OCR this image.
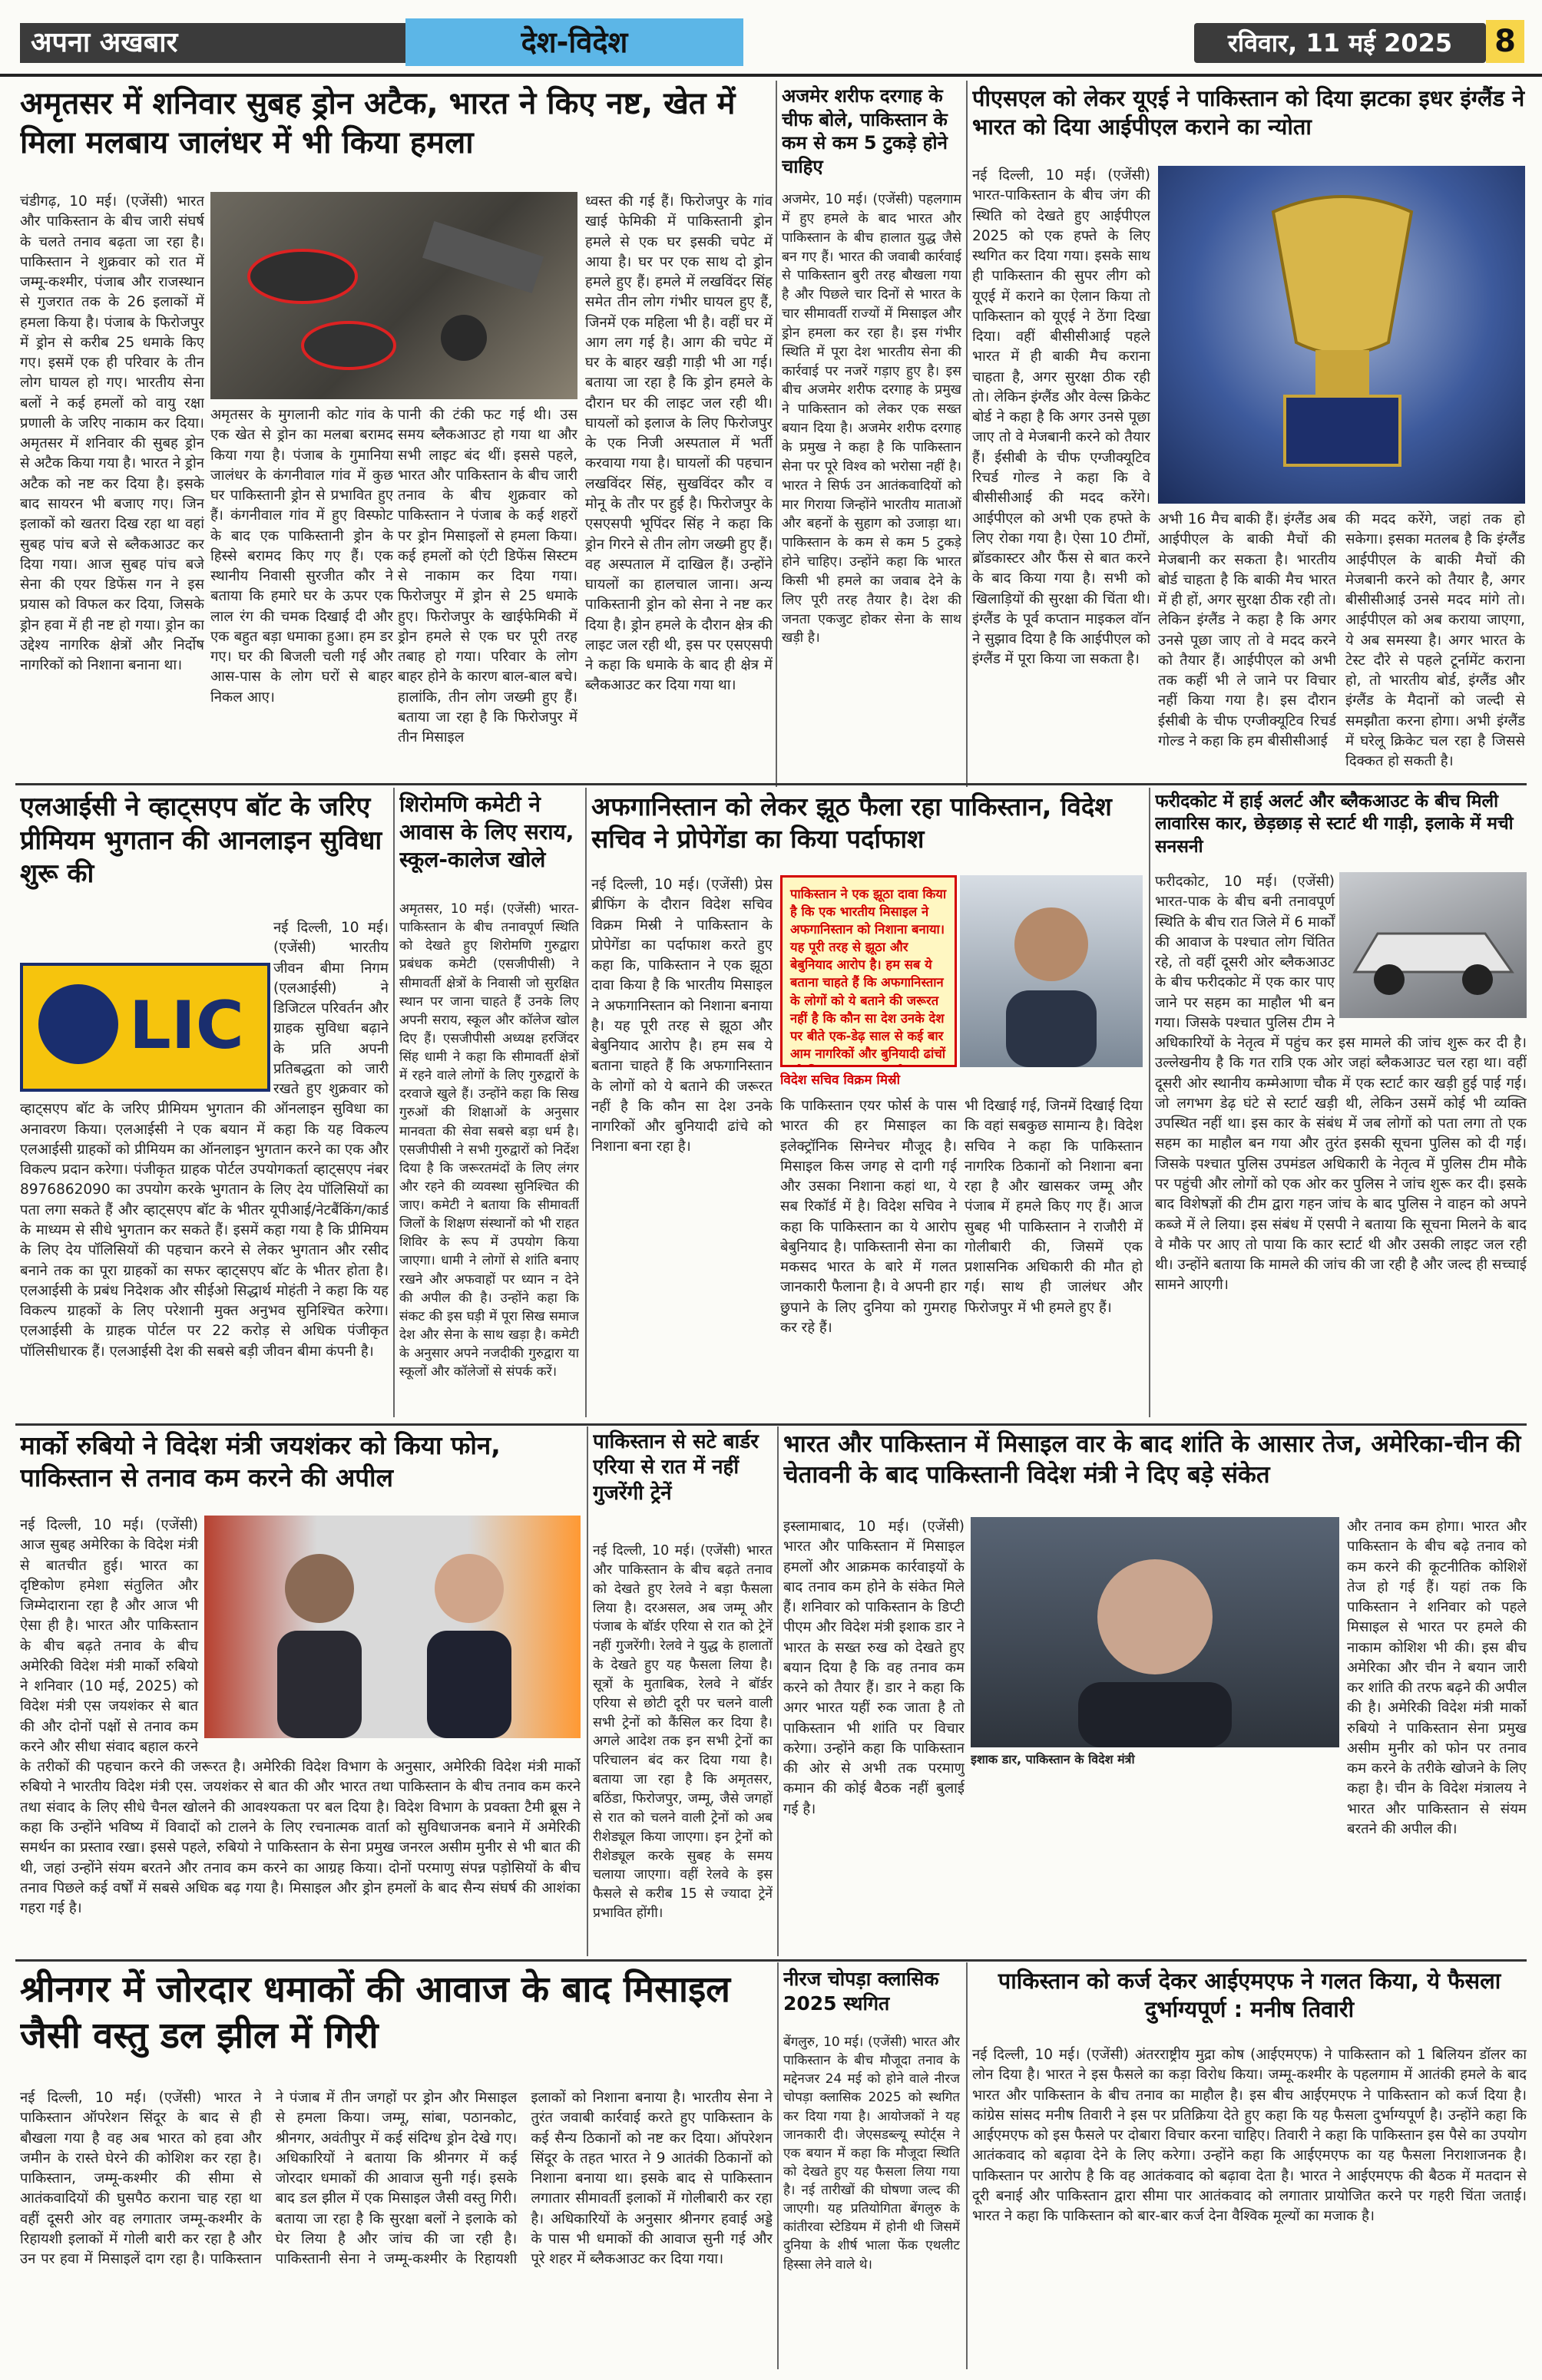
अपना अखबार	देश-विदेश	रविवार, 11 मई 2025	8
अमृतसर में शनिवार सुबह ड्रोन अटैक, भारत ने किए नष्ट, खेत में मिला मलबाय जालंधर में भी किया हमला
चंडीगढ़, 10 मई। (एजेंसी) भारत और पाकिस्तान के बीच जारी संघर्ष के चलते तनाव बढ़ता जा रहा है। पाकिस्तान ने शुक्रवार को रात में जम्मू-कश्मीर, पंजाब और राजस्थान से गुजरात तक के 26 इलाकों में हमला किया है। पंजाब के फिरोजपुर में ड्रोन से करीब 25 धमाके किए गए। इसमें एक ही परिवार के तीन लोग घायल हो गए। भारतीय सेना बलों ने कई हमलों को वायु रक्षा प्रणाली के जरिए नाकाम कर दिया। अमृतसर में शनिवार की सुबह ड्रोन से अटैक किया गया है। भारत ने ड्रोन अटैक को नष्ट कर दिया है। इसके बाद सायरन भी बजाए गए। जिन इलाकों को खतरा दिख रहा था वहां सुबह पांच बजे से ब्लैकआउट कर दिया गया। आज सुबह पांच बजे सेना की एयर डिफेंस गन ने इस प्रयास को विफल कर दिया, जिसके ड्रोन हवा में ही नष्ट हो गया। ड्रोन का उद्देश्य नागरिक क्षेत्रों और निर्दोष नागरिकों को निशाना बनाना था।
अमृतसर के मुगलानी कोट गांव के एक खेत से ड्रोन का मलबा बरामद किया गया है। पंजाब के गुमानिया जालंधर के कंगनीवाल गांव में कुछ घर पाकिस्तानी ड्रोन से प्रभावित हुए हैं। कंगनीवाल गांव में हुए विस्फोट के बाद एक पाकिस्तानी ड्रोन के हिस्से बरामद किए गए हैं। एक स्थानीय निवासी सुरजीत कौर ने बताया कि हमारे घर के ऊपर एक लाल रंग की चमक दिखाई दी और एक बहुत बड़ा धमाका हुआ। हम डर गए। घर की बिजली चली गई और आस-पास के लोग घरों से बाहर निकल आए।
पानी की टंकी फट गई थी। उस समय ब्लैकआउट हो गया था और सभी लाइट बंद थीं। इससे पहले, भारत और पाकिस्तान के बीच जारी तनाव के बीच शुक्रवार को पाकिस्तान ने पंजाब के कई शहरों पर ड्रोन मिसाइलों से हमला किया। कई हमलों को एंटी डिफेंस सिस्टम से नाकाम कर दिया गया। फिरोजपुर में ड्रोन से 25 धमाके हुए। फिरोजपुर के खाईफेमिकी में ड्रोन हमले से एक घर पूरी तरह तबाह हो गया। परिवार के लोग बाहर होने के कारण बाल-बाल बचे। हालांकि, तीन लोग जख्मी हुए हैं। बताया जा रहा है कि फिरोजपुर में तीन मिसाइल
ध्वस्त की गई हैं। फिरोजपुर के गांव खाई फेमिकी में पाकिस्तानी ड्रोन हमले से एक घर इसकी चपेट में आया है। घर पर एक साथ दो ड्रोन हमले हुए हैं। हमले में लखविंदर सिंह समेत तीन लोग गंभीर घायल हुए हैं, जिनमें एक महिला भी है। वहीं घर में आग लग गई है। आग की चपेट में घर के बाहर खड़ी गाड़ी भी आ गई। बताया जा रहा है कि ड्रोन हमले के दौरान घर की लाइट जल रही थी। घायलों को इलाज के लिए फिरोजपुर के एक निजी अस्पताल में भर्ती करवाया गया है। घायलों की पहचान लखविंदर सिंह, सुखविंदर कौर व मोनू के तौर पर हुई है। फिरोजपुर के एसएसपी भूपिंदर सिंह ने कहा कि ड्रोन गिरने से तीन लोग जख्मी हुए हैं। वह अस्पताल में दाखिल हैं। उन्होंने घायलों का हालचाल जाना। अन्य पाकिस्तानी ड्रोन को सेना ने नष्ट कर दिया है। ड्रोन हमले के दौरान क्षेत्र की लाइट जल रही थी, इस पर एसएसपी ने कहा कि धमाके के बाद ही क्षेत्र में ब्लैकआउट कर दिया गया था।
अजमेर शरीफ दरगाह के चीफ बोले, पाकिस्तान के कम से कम 5 टुकड़े होने चाहिए
अजमेर, 10 मई। (एजेंसी) पहलगाम में हुए हमले के बाद भारत और पाकिस्तान के बीच हालात युद्ध जैसे बन गए हैं। भारत की जवाबी कार्रवाई से पाकिस्तान बुरी तरह बौखला गया है और पिछले चार दिनों से भारत के चार सीमावर्ती राज्यों में मिसाइल और ड्रोन हमला कर रहा है। इस गंभीर स्थिति में पूरा देश भारतीय सेना की कार्रवाई पर नजरें गड़ाए हुए है। इस बीच अजमेर शरीफ दरगाह के प्रमुख ने पाकिस्तान को लेकर एक सख्त बयान दिया है। अजमेर शरीफ दरगाह के प्रमुख ने कहा है कि पाकिस्तान सेना पर पूरे विश्व को भरोसा नहीं है। भारत ने सिर्फ उन आतंकवादियों को मार गिराया जिन्होंने भारतीय माताओं और बहनों के सुहाग को उजाड़ा था। पाकिस्तान के कम से कम 5 टुकड़े होने चाहिए। उन्होंने कहा कि भारत किसी भी हमले का जवाब देने के लिए पूरी तरह तैयार है। देश की जनता एकजुट होकर सेना के साथ खड़ी है।
पीएसएल को लेकर यूएई ने पाकिस्तान को दिया झटका इधर इंग्लैंड ने भारत को दिया आईपीएल कराने का न्योता
नई दिल्ली, 10 मई। (एजेंसी) भारत-पाकिस्तान के बीच जंग की स्थिति को देखते हुए आईपीएल 2025 को एक हफ्ते के लिए स्थगित कर दिया गया। इसके साथ ही पाकिस्तान की सुपर लीग को यूएई में कराने का ऐलान किया तो पाकिस्तान को यूएई ने ठेंगा दिखा दिया। वहीं बीसीसीआई पहले भारत में ही बाकी मैच कराना चाहता है, अगर सुरक्षा ठीक रही तो। लेकिन इंग्लैंड और वेल्स क्रिकेट बोर्ड ने कहा है कि अगर उनसे पूछा जाए तो वे मेजबानी करने को तैयार हैं। ईसीबी के चीफ एग्जीक्यूटिव रिचर्ड गोल्ड ने कहा कि वे बीसीसीआई की मदद करेंगे। आईपीएल को अभी एक हफ्ते के लिए रोका गया है। ऐसा 10 टीमों, ब्रॉडकास्टर और फैंस से बात करने के बाद किया गया है। सभी को खिलाड़ियों की सुरक्षा की चिंता थी। इंग्लैंड के पूर्व कप्तान माइकल वॉन ने सुझाव दिया है कि आईपीएल को इंग्लैंड में पूरा किया जा सकता है।
अभी 16 मैच बाकी हैं। इंग्लैंड अब आईपीएल के बाकी मैचों की मेजबानी कर सकता है। भारतीय बोर्ड चाहता है कि बाकी मैच भारत में ही हों, अगर सुरक्षा ठीक रही तो। लेकिन इंग्लैंड ने कहा है कि अगर उनसे पूछा जाए तो वे मदद करने को तैयार हैं। आईपीएल को अभी तक कहीं भी ले जाने पर विचार नहीं किया गया है। इस दौरान ईसीबी के चीफ एग्जीक्यूटिव रिचर्ड गोल्ड ने कहा कि हम बीसीसीआई
की मदद करेंगे, जहां तक हो सकेगा। इसका मतलब है कि इंग्लैंड आईपीएल के बाकी मैचों की मेजबानी करने को तैयार है, अगर बीसीसीआई उनसे मदद मांगे तो। आईपीएल को अब कराया जाएगा, ये अब समस्या है। अगर भारत के टेस्ट दौरे से पहले टूर्नामेंट कराना हो, तो भारतीय बोर्ड, इंग्लैंड और इंग्लैंड के मैदानों को जल्दी से समझौता करना होगा। अभी इंग्लैंड में घरेलू क्रिकेट चल रहा है जिससे दिक्कत हो सकती है।
एलआईसी ने व्हाट्सएप बॉट के जरिए प्रीमियम भुगतान की आनलाइन सुविधा शुरू की
LIC
नई दिल्ली, 10 मई। (एजेंसी) भारतीय जीवन बीमा निगम (एलआईसी) ने डिजिटल परिवर्तन और ग्राहक सुविधा बढ़ाने के प्रति अपनी प्रतिबद्धता को जारी रखते हुए शुक्रवार को व्हाट्सएप बॉट के जरिए प्रीमियम भुगतान की ऑनलाइन सुविधा का अनावरण किया। एलआईसी ने एक बयान में कहा कि यह विकल्प एलआईसी ग्राहकों को प्रीमियम का ऑनलाइन भुगतान करने का एक और विकल्प प्रदान करेगा। पंजीकृत ग्राहक पोर्टल उपयोगकर्ता व्हाट्सएप नंबर 8976862090 का उपयोग करके भुगतान के लिए देय पॉलिसियों का पता लगा सकते हैं और व्हाट्सएप बॉट के भीतर यूपीआई/नेटबैंकिंग/कार्ड के माध्यम से सीधे भुगतान कर सकते हैं। इसमें कहा गया है कि प्रीमियम के लिए देय पॉलिसियों की पहचान करने से लेकर भुगतान और रसीद बनाने तक का पूरा ग्राहकों का सफर व्हाट्सएप बॉट के भीतर होता है। एलआईसी के प्रबंध निदेशक और सीईओ सिद्धार्थ मोहंती ने कहा कि यह विकल्प ग्राहकों के लिए परेशानी मुक्त अनुभव सुनिश्चित करेगा। एलआईसी के ग्राहक पोर्टल पर 22 करोड़ से अधिक पंजीकृत पॉलिसीधारक हैं। एलआईसी देश की सबसे बड़ी जीवन बीमा कंपनी है।
शिरोमणि कमेटी ने आवास के लिए सराय, स्कूल-कालेज खोले
अमृतसर, 10 मई। (एजेंसी) भारत-पाकिस्तान के बीच तनावपूर्ण स्थिति को देखते हुए शिरोमणि गुरुद्वारा प्रबंधक कमेटी (एसजीपीसी) ने सीमावर्ती क्षेत्रों के निवासी जो सुरक्षित स्थान पर जाना चाहते हैं उनके लिए अपनी सराय, स्कूल और कॉलेज खोल दिए हैं। एसजीपीसी अध्यक्ष हरजिंदर सिंह धामी ने कहा कि सीमावर्ती क्षेत्रों में रहने वाले लोगों के लिए गुरुद्वारों के दरवाजे खुले हैं। उन्होंने कहा कि सिख गुरुओं की शिक्षाओं के अनुसार मानवता की सेवा सबसे बड़ा धर्म है। एसजीपीसी ने सभी गुरुद्वारों को निर्देश दिया है कि जरूरतमंदों के लिए लंगर और रहने की व्यवस्था सुनिश्चित की जाए। कमेटी ने बताया कि सीमावर्ती जिलों के शिक्षण संस्थानों को भी राहत शिविर के रूप में उपयोग किया जाएगा। धामी ने लोगों से शांति बनाए रखने और अफवाहों पर ध्यान न देने की अपील की है। उन्होंने कहा कि संकट की इस घड़ी में पूरा सिख समाज देश और सेना के साथ खड़ा है। कमेटी के अनुसार अपने नजदीकी गुरुद्वारा या स्कूलों और कॉलेजों से संपर्क करें।
अफगानिस्तान को लेकर झूठ फैला रहा पाकिस्तान, विदेश सचिव ने प्रोपेगेंडा का किया पर्दाफाश
नई दिल्ली, 10 मई। (एजेंसी) प्रेस ब्रीफिंग के दौरान विदेश सचिव विक्रम मिस्री ने पाकिस्तान के प्रोपेगेंडा का पर्दाफाश करते हुए कहा कि, पाकिस्तान ने एक झूठा दावा किया है कि भारतीय मिसाइल ने अफगानिस्तान को निशाना बनाया है। यह पूरी तरह से झूठा और बेबुनियाद आरोप है। हम सब ये बताना चाहते हैं कि अफगानिस्तान के लोगों को ये बताने की जरूरत नहीं है कि कौन सा देश उनके नागरिकों और बुनियादी ढांचे को निशाना बना रहा है।
पाकिस्तान ने एक झूठा दावा किया है कि एक भारतीय मिसाइल ने अफगानिस्तान को निशाना बनाया। यह पूरी तरह से झूठा और बेबुनियाद आरोप है। हम सब ये बताना चाहते हैं कि अफगानिस्तान के लोगों को ये बताने की जरूरत नहीं है कि कौन सा देश उनके देश पर बीते एक-डेढ़ साल से कई बार आम नागरिकों और बुनियादी ढांचों
विदेश सचिव विक्रम मिस्री
कि पाकिस्तान एयर फोर्स के पास भारत की हर मिसाइल का इलेक्ट्रॉनिक सिग्नेचर मौजूद है। मिसाइल किस जगह से दागी गई और उसका निशाना कहां था, ये सब रिकॉर्ड में है। विदेश सचिव ने कहा कि पाकिस्तान का ये आरोप बेबुनियाद है। पाकिस्तानी सेना का मकसद भारत के बारे में गलत जानकारी फैलाना है। वे अपनी हार छुपाने के लिए दुनिया को गुमराह कर रहे हैं।
भी दिखाई गई, जिनमें दिखाई दिया कि वहां सबकुछ सामान्य है। विदेश सचिव ने कहा कि पाकिस्तान नागरिक ठिकानों को निशाना बना रहा है और खासकर जम्मू और पंजाब में हमले किए गए हैं। आज सुबह भी पाकिस्तान ने राजौरी में गोलीबारी की, जिसमें एक प्रशासनिक अधिकारी की मौत हो गई। साथ ही जालंधर और फिरोजपुर में भी हमले हुए हैं।
फरीदकोट में हाई अलर्ट और ब्लैकआउट के बीच मिली लावारिस कार, छेड़छाड़ से स्टार्ट थी गाड़ी, इलाके में मची सनसनी
फरीदकोट, 10 मई। (एजेंसी) भारत-पाक के बीच बनी तनावपूर्ण स्थिति के बीच रात जिले में 6 मार्कों की आवाज के पश्चात लोग चिंतित रहे, तो वहीं दूसरी ओर ब्लैकआउट के बीच फरीदकोट में एक कार पाए जाने पर सहम का माहौल भी बन गया। जिसके पश्चात पुलिस टीम ने अधिकारियों के नेतृत्व में पहुंच कर इस मामले की जांच शुरू कर दी है। उल्लेखनीय है कि गत रात्रि एक ओर जहां ब्लैकआउट चल रहा था। वहीं दूसरी ओर स्थानीय कम्मेआणा चौक में एक स्टार्ट कार खड़ी हुई पाई गई। जो लगभग डेढ़ घंटे से स्टार्ट खड़ी थी, लेकिन उसमें कोई भी व्यक्ति उपस्थित नहीं था। इस कार के संबंध में जब लोगों को पता लगा तो एक सहम का माहौल बन गया और तुरंत इसकी सूचना पुलिस को दी गई। जिसके पश्चात पुलिस उपमंडल अधिकारी के नेतृत्व में पुलिस टीम मौके पर पहुंची और लोगों को एक ओर कर पुलिस ने जांच शुरू कर दी। इसके बाद विशेषज्ञों की टीम द्वारा गहन जांच के बाद पुलिस ने वाहन को अपने कब्जे में ले लिया। इस संबंध में एसपी ने बताया कि सूचना मिलने के बाद वे मौके पर आए तो पाया कि कार स्टार्ट थी और उसकी लाइट जल रही थी। उन्होंने बताया कि मामले की जांच की जा रही है और जल्द ही सच्चाई सामने आएगी।
मार्को रुबियो ने विदेश मंत्री जयशंकर को किया फोन, पाकिस्तान से तनाव कम करने की अपील
नई दिल्ली, 10 मई। (एजेंसी) आज सुबह अमेरिका के विदेश मंत्री से बातचीत हुई। भारत का दृष्टिकोण हमेशा संतुलित और जिम्मेदाराना रहा है और आज भी ऐसा ही है। भारत और पाकिस्तान के बीच बढ़ते तनाव के बीच अमेरिकी विदेश मंत्री मार्को रुबियो ने शनिवार (10 मई, 2025) को विदेश मंत्री एस जयशंकर से बात की और दोनों पक्षों से तनाव कम करने और सीधा संवाद बहाल करने के तरीकों की पहचान करने की जरूरत है। अमेरिकी विदेश विभाग के अनुसार, अमेरिकी विदेश मंत्री मार्को रुबियो ने भारतीय विदेश मंत्री एस. जयशंकर से बात की और भारत तथा पाकिस्तान के बीच तनाव कम करने तथा संवाद के लिए सीधे चैनल खोलने की आवश्यकता पर बल दिया है। विदेश विभाग के प्रवक्ता टैमी ब्रूस ने कहा कि उन्होंने भविष्य में विवादों को टालने के लिए रचनात्मक वार्ता को सुविधाजनक बनाने में अमेरिकी समर्थन का प्रस्ताव रखा। इससे पहले, रुबियो ने पाकिस्तान के सेना प्रमुख जनरल असीम मुनीर से भी बात की थी, जहां उन्होंने संयम बरतने और तनाव कम करने का आग्रह किया। दोनों परमाणु संपन्न पड़ोसियों के बीच तनाव पिछले कई वर्षों में सबसे अधिक बढ़ गया है। मिसाइल और ड्रोन हमलों के बाद सैन्य संघर्ष की आशंका गहरा गई है।
पाकिस्तान से सटे बार्डर एरिया से रात में नहीं गुजरेंगी ट्रेनें
नई दिल्ली, 10 मई। (एजेंसी) भारत और पाकिस्तान के बीच बढ़ते तनाव को देखते हुए रेलवे ने बड़ा फैसला लिया है। दरअसल, अब जम्मू और पंजाब के बॉर्डर एरिया से रात को ट्रेनें नहीं गुजरेंगी। रेलवे ने युद्ध के हालातों के देखते हुए यह फैसला लिया है। सूत्रों के मुताबिक, रेलवे ने बॉर्डर एरिया से छोटी दूरी पर चलने वाली सभी ट्रेनों को कैंसिल कर दिया है। अगले आदेश तक इन सभी ट्रेनों का परिचालन बंद कर दिया गया है। बताया जा रहा है कि अमृतसर, बठिंडा, फिरोजपुर, जम्मू, जैसे जगहों से रात को चलने वाली ट्रेनों को अब रीशेड्यूल किया जाएगा। इन ट्रेनों को रीशेड्यूल करके सुबह के समय चलाया जाएगा। वहीं रेलवे के इस फैसले से करीब 15 से ज्यादा ट्रेनें प्रभावित होंगी।
भारत और पाकिस्तान में मिसाइल वार के बाद शांति के आसार तेज, अमेरिका-चीन की चेतावनी के बाद पाकिस्तानी विदेश मंत्री ने दिए बड़े संकेत
इस्लामाबाद, 10 मई। (एजेंसी) भारत और पाकिस्तान में मिसाइल हमलों और आक्रमक कार्रवाइयों के बाद तनाव कम होने के संकेत मिले हैं। शनिवार को पाकिस्तान के डिप्टी पीएम और विदेश मंत्री इशाक डार ने भारत के सख्त रुख को देखते हुए बयान दिया है कि वह तनाव कम करने को तैयार हैं। डार ने कहा कि अगर भारत यहीं रुक जाता है तो पाकिस्तान भी शांति पर विचार करेगा। उन्होंने कहा कि पाकिस्तान की ओर से अभी तक परमाणु कमान की कोई बैठक नहीं बुलाई गई है।
इशाक डार, पाकिस्तान के विदेश मंत्री
और तनाव कम होगा। भारत और पाकिस्तान के बीच बढ़े तनाव को कम करने की कूटनीतिक कोशिशें तेज हो गई हैं। यहां तक कि पाकिस्तान ने शनिवार को पहले मिसाइल से भारत पर हमले की नाकाम कोशिश भी की। इस बीच अमेरिका और चीन ने बयान जारी कर शांति की तरफ बढ़ने की अपील की है। अमेरिकी विदेश मंत्री मार्को रुबियो ने पाकिस्तान सेना प्रमुख असीम मुनीर को फोन पर तनाव कम करने के तरीके खोजने के लिए कहा है। चीन के विदेश मंत्रालय ने भारत और पाकिस्तान से संयम बरतने की अपील की।
श्रीनगर में जोरदार धमाकों की आवाज के बाद मिसाइल जैसी वस्तु डल झील में गिरी
नई दिल्ली, 10 मई। (एजेंसी) भारत ने पाकिस्तान ऑपरेशन सिंदूर के बाद से ही बौखला गया है वह अब भारत को हवा और जमीन के रास्ते घेरने की कोशिश कर रहा है। पाकिस्तान, जम्मू-कश्मीर की सीमा से आतंकवादियों की घुसपैठ कराना चाह रहा था वहीं दूसरी ओर वह लगातार जम्मू-कश्मीर के रिहायशी इलाकों में गोली बारी कर रहा है और उन पर हवा में मिसाइलें दाग रहा है। पाकिस्तान ने पंजाब में तीन जगहों पर ड्रोन और मिसाइल से हमला किया। जम्मू, सांबा, पठानकोट, श्रीनगर, अवंतीपुर में कई संदिग्ध ड्रोन देखे गए। अधिकारियों ने बताया कि श्रीनगर में कई जोरदार धमाकों की आवाज सुनी गई। इसके बाद डल झील में एक मिसाइल जैसी वस्तु गिरी। बताया जा रहा है कि सुरक्षा बलों ने इलाके को घेर लिया है और जांच की जा रही है। पाकिस्तानी सेना ने जम्मू-कश्मीर के रिहायशी इलाकों को निशाना बनाया है। भारतीय सेना ने तुरंत जवाबी कार्रवाई करते हुए पाकिस्तान के कई सैन्य ठिकानों को नष्ट कर दिया। ऑपरेशन सिंदूर के तहत भारत ने 9 आतंकी ठिकानों को निशाना बनाया था। इसके बाद से पाकिस्तान लगातार सीमावर्ती इलाकों में गोलीबारी कर रहा है। अधिकारियों के अनुसार श्रीनगर हवाई अड्डे के पास भी धमाकों की आवाज सुनी गई और पूरे शहर में ब्लैकआउट कर दिया गया।
नीरज चोपड़ा क्लासिक 2025 स्थगित
बेंगलुरु, 10 मई। (एजेंसी) भारत और पाकिस्तान के बीच मौजूदा तनाव के मद्देनजर 24 मई को होने वाले नीरज चोपड़ा क्लासिक 2025 को स्थगित कर दिया गया है। आयोजकों ने यह जानकारी दी। जेएसडब्ल्यू स्पोर्ट्स ने एक बयान में कहा कि मौजूदा स्थिति को देखते हुए यह फैसला लिया गया है। नई तारीखों की घोषणा जल्द की जाएगी। यह प्रतियोगिता बेंगलुरु के कांतीरवा स्टेडियम में होनी थी जिसमें दुनिया के शीर्ष भाला फेंक एथलीट हिस्सा लेने वाले थे।
पाकिस्तान को कर्ज देकर आईएमएफ ने गलत किया, ये फैसला दुर्भाग्यपूर्ण : मनीष तिवारी
नई दिल्ली, 10 मई। (एजेंसी) अंतरराष्ट्रीय मुद्रा कोष (आईएमएफ) ने पाकिस्तान को 1 बिलियन डॉलर का लोन दिया है। भारत ने इस फैसले का कड़ा विरोध किया। जम्मू-कश्मीर के पहलगाम में आतंकी हमले के बाद भारत और पाकिस्तान के बीच तनाव का माहौल है। इस बीच आईएमएफ ने पाकिस्तान को कर्ज दिया है। कांग्रेस सांसद मनीष तिवारी ने इस पर प्रतिक्रिया देते हुए कहा कि यह फैसला दुर्भाग्यपूर्ण है। उन्होंने कहा कि आईएमएफ को इस फैसले पर दोबारा विचार करना चाहिए। तिवारी ने कहा कि पाकिस्तान इस पैसे का उपयोग आतंकवाद को बढ़ावा देने के लिए करेगा। उन्होंने कहा कि आईएमएफ का यह फैसला निराशाजनक है। पाकिस्तान पर आरोप है कि वह आतंकवाद को बढ़ावा देता है। भारत ने आईएमएफ की बैठक में मतदान से दूरी बनाई और पाकिस्तान द्वारा सीमा पार आतंकवाद को लगातार प्रायोजित करने पर गहरी चिंता जताई। भारत ने कहा कि पाकिस्तान को बार-बार कर्ज देना वैश्विक मूल्यों का मजाक है।
